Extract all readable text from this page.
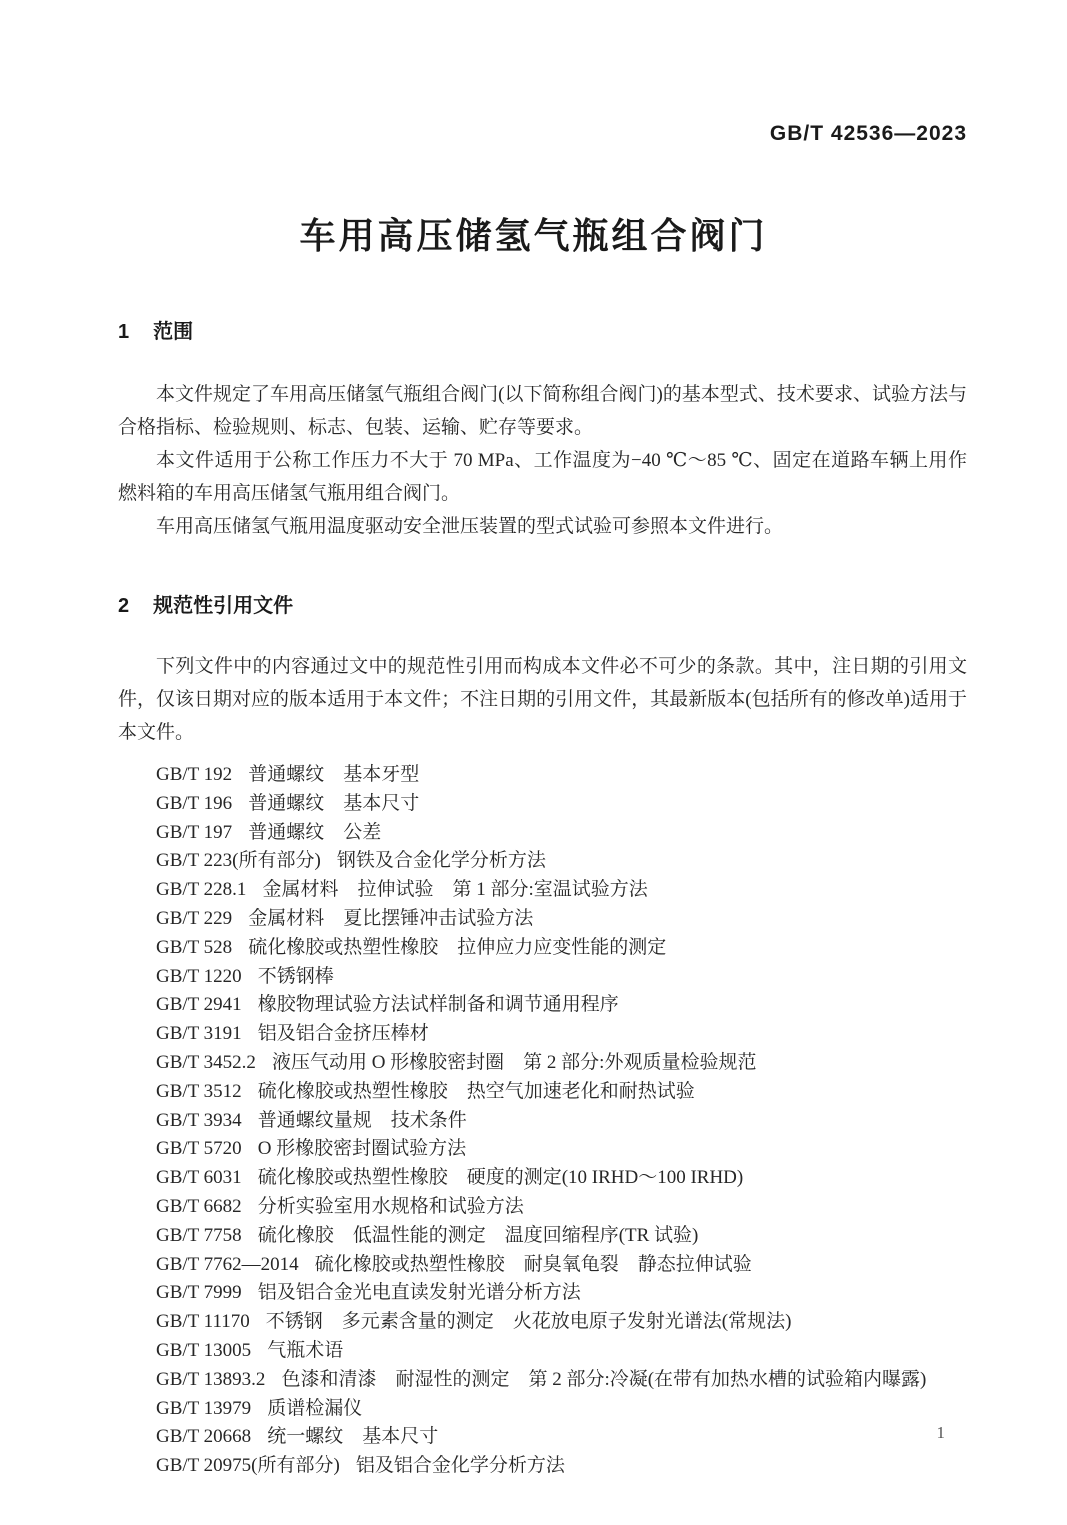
GB/T 42536—2023
车用高压储氢气瓶组合阀门
1 范围

本文件规定了车用高压储氢气瓶组合阀门(以下简称组合阀门)的基本型式、技术要求、试验方法与合格指标、检验规则、标志、包装、运输、贮存等要求。

本文件适用于公称工作压力不大于 70 MPa、工作温度为−40 ℃～85 ℃、固定在道路车辆上用作燃料箱的车用高压储氢气瓶用组合阀门。

车用高压储氢气瓶用温度驱动安全泄压装置的型式试验可参照本文件进行。

2 规范性引用文件

下列文件中的内容通过文中的规范性引用而构成本文件必不可少的条款。其中，注日期的引用文件，仅该日期对应的版本适用于本文件；不注日期的引用文件，其最新版本(包括所有的修改单)适用于本文件。

GB/T 192 普通螺纹　基本牙型
GB/T 196 普通螺纹　基本尺寸
GB/T 197 普通螺纹　公差
GB/T 223(所有部分) 钢铁及合金化学分析方法
GB/T 228.1 金属材料　拉伸试验　第 1 部分:室温试验方法
GB/T 229 金属材料　夏比摆锤冲击试验方法
GB/T 528 硫化橡胶或热塑性橡胶　拉伸应力应变性能的测定
GB/T 1220 不锈钢棒
GB/T 2941 橡胶物理试验方法试样制备和调节通用程序
GB/T 3191 铝及铝合金挤压棒材
GB/T 3452.2 液压气动用 O 形橡胶密封圈　第 2 部分:外观质量检验规范
GB/T 3512 硫化橡胶或热塑性橡胶　热空气加速老化和耐热试验
GB/T 3934 普通螺纹量规　技术条件
GB/T 5720 O 形橡胶密封圈试验方法
GB/T 6031 硫化橡胶或热塑性橡胶　硬度的测定(10 IRHD～100 IRHD)
GB/T 6682 分析实验室用水规格和试验方法
GB/T 7758 硫化橡胶　低温性能的测定　温度回缩程序(TR 试验)
GB/T 7762—2014 硫化橡胶或热塑性橡胶　耐臭氧龟裂　静态拉伸试验
GB/T 7999 铝及铝合金光电直读发射光谱分析方法
GB/T 11170 不锈钢　多元素含量的测定　火花放电原子发射光谱法(常规法)
GB/T 13005 气瓶术语
GB/T 13893.2 色漆和清漆　耐湿性的测定　第 2 部分:冷凝(在带有加热水槽的试验箱内曝露)
GB/T 13979 质谱检漏仪
GB/T 20668 统一螺纹　基本尺寸
GB/T 20975(所有部分) 铝及铝合金化学分析方法
1
